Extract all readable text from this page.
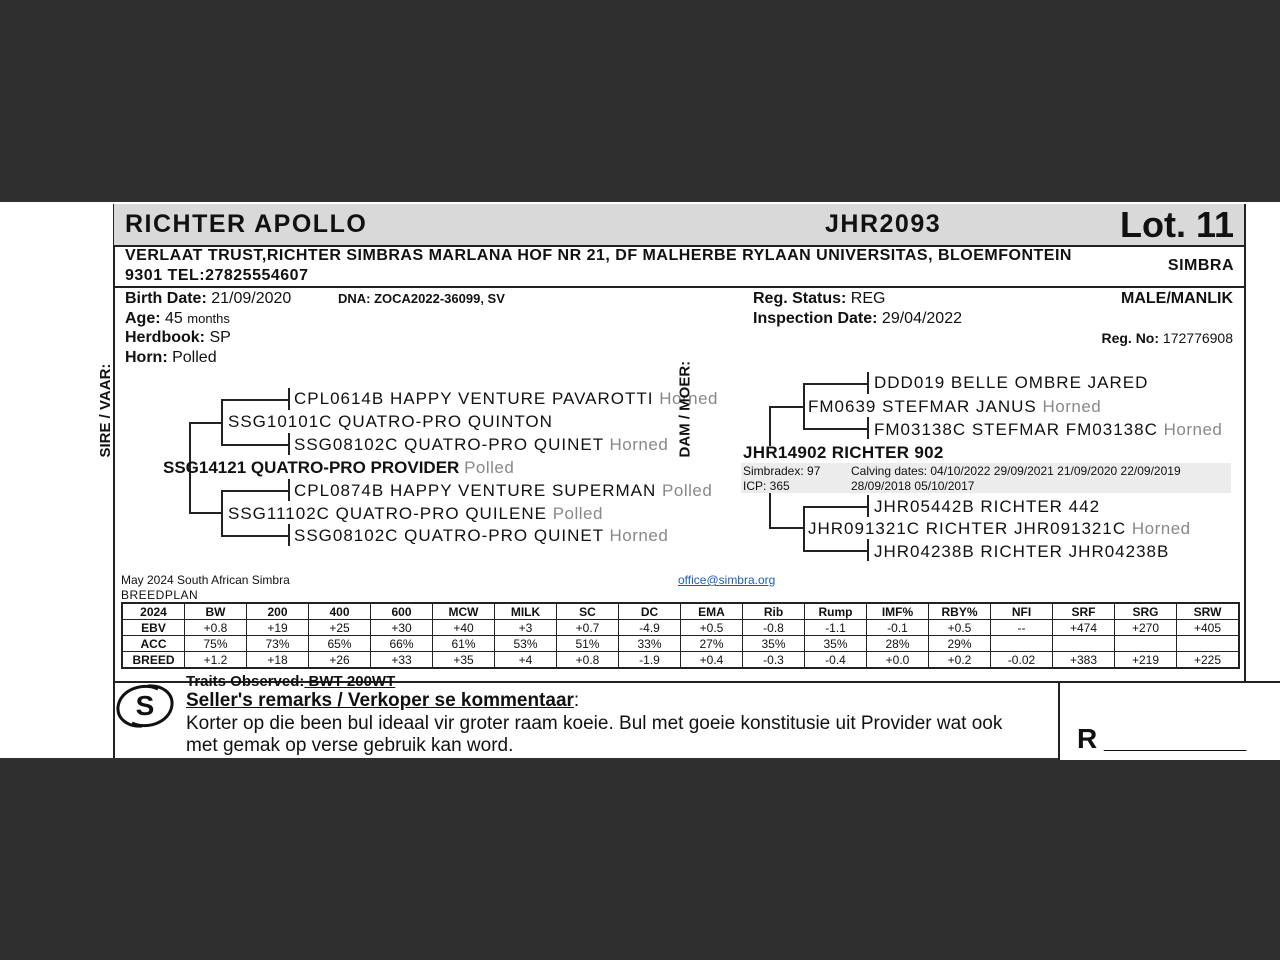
RICHTER APOLLO	JHR2093	Lot. 11
VERLAAT TRUST,RICHTER SIMBRAS MARLANA HOF NR 21, DF MALHERBE RYLAAN UNIVERSITAS, BLOEMFONTEIN
9301 TEL:27825554607
SIMBRA
Birth Date: 21/09/2020	DNA: ZOCA2022-36099, SV
Age: 45 months
Herdbook: SP
Horn: Polled
Reg. Status: REG
Inspection Date: 29/04/2022
MALE/MANLIK
Reg. No: 172776908
SIRE / VAAR:	CPL0614B HAPPY VENTURE PAVAROTTI Horned
SSG10101C QUATRO-PRO QUINTON
SSG08102C QUATRO-PRO QUINET Horned
SSG14121 QUATRO-PRO PROVIDER Polled
CPL0874B HAPPY VENTURE SUPERMAN Polled
SSG11102C QUATRO-PRO QUILENE Polled
SSG08102C QUATRO-PRO QUINET Horned
DAM / MOER:	DDD019 BELLE OMBRE JARED
FM0639 STEFMAR JANUS Horned
FM03138C STEFMAR FM03138C Horned
JHR14902 RICHTER 902
Simbradex: 97
ICP: 365
Calving dates: 04/10/2022 29/09/2021 21/09/2020 22/09/2019
28/09/2018 05/10/2017
JHR05442B RICHTER 442
JHR091321C RICHTER JHR091321C Horned
JHR04238B RICHTER JHR04238B
May 2024 South African Simbra
BREEDPLAN
office@simbra.org
2024	BW	200	400	600	MCW	MILK	SC	DC	EMA	Rib	Rump	IMF%	RBY%	NFI	SRF	SRG	SRW
EBV	+0.8	+19	+25	+30	+40	+3	+0.7	-4.9	+0.5	-0.8	-1.1	-0.1	+0.5	--	+474	+270	+405
ACC	75%	73%	65%	66%	61%	53%	51%	33%	27%	35%	35%	28%	29%				
BREED	+1.2	+18	+26	+33	+35	+4	+0.8	-1.9	+0.4	-0.3	-0.4	+0.0	+0.2	-0.02	+383	+219	+225
S
Traits Observed: BWT 200WT
Seller's remarks / Verkoper se kommentaar:
Korter op die been bul ideaal vir groter raam koeie. Bul met goeie konstitusie uit Provider wat ook
met gemak op verse gebruik kan word.	R ________________
